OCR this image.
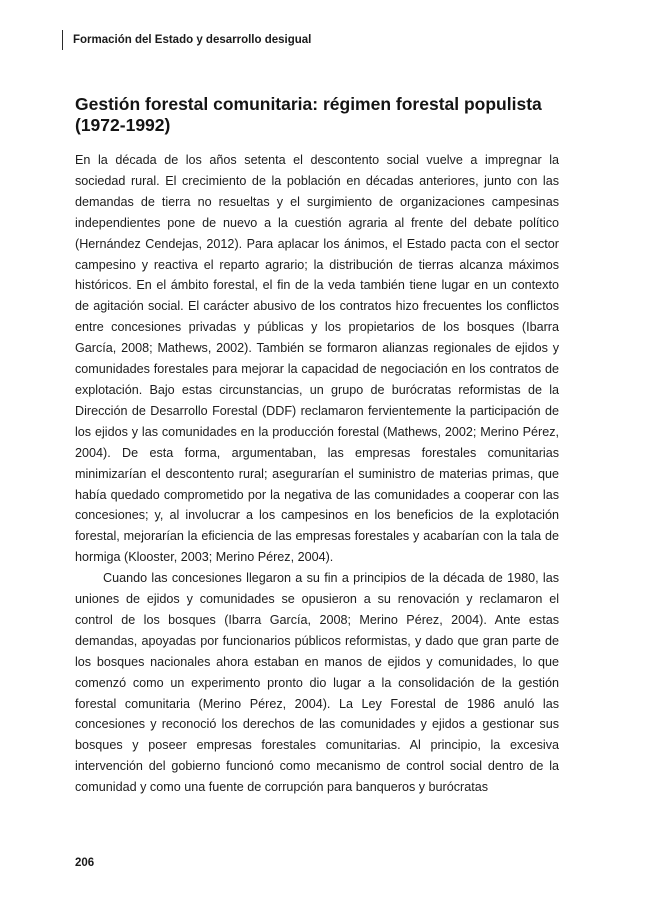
Formación del Estado y desarrollo desigual
Gestión forestal comunitaria: régimen forestal populista (1972-1992)

En la década de los años setenta el descontento social vuelve a impregnar la sociedad rural. El crecimiento de la población en décadas anteriores, junto con las demandas de tierra no resueltas y el surgimiento de organizaciones campesinas independientes pone de nuevo a la cuestión agraria al frente del debate político (Hernández Cendejas, 2012). Para aplacar los ánimos, el Estado pacta con el sector campesino y reactiva el reparto agrario; la distribución de tierras alcanza máximos históricos. En el ámbito forestal, el fin de la veda también tiene lugar en un contexto de agitación social. El carácter abusivo de los contratos hizo frecuentes los conflictos entre concesiones privadas y públicas y los propietarios de los bosques (Ibarra García, 2008; Mathews, 2002). También se formaron alianzas regionales de ejidos y comunidades forestales para mejorar la capacidad de negociación en los contratos de explotación. Bajo estas circunstancias, un grupo de burócratas reformistas de la Dirección de Desarrollo Forestal (DDF) reclamaron fervientemente la participación de los ejidos y las comunidades en la producción forestal (Mathews, 2002; Merino Pérez, 2004). De esta forma, argumentaban, las empresas forestales comunitarias minimizarían el descontento rural; asegurarían el suministro de materias primas, que había quedado comprometido por la negativa de las comunidades a cooperar con las concesiones; y, al involucrar a los campesinos en los beneficios de la explotación forestal, mejorarían la eficiencia de las empresas forestales y acabarían con la tala de hormiga (Klooster, 2003; Merino Pérez, 2004).

Cuando las concesiones llegaron a su fin a principios de la década de 1980, las uniones de ejidos y comunidades se opusieron a su renovación y reclamaron el control de los bosques (Ibarra García, 2008; Merino Pérez, 2004). Ante estas demandas, apoyadas por funcionarios públicos reformistas, y dado que gran parte de los bosques nacionales ahora estaban en manos de ejidos y comunidades, lo que comenzó como un experimento pronto dio lugar a la consolidación de la gestión forestal comunitaria (Merino Pérez, 2004). La Ley Forestal de 1986 anuló las concesiones y reconoció los derechos de las comunidades y ejidos a gestionar sus bosques y poseer empresas forestales comunitarias. Al principio, la excesiva intervención del gobierno funcionó como mecanismo de control social dentro de la comunidad y como una fuente de corrupción para banqueros y burócratas

206
